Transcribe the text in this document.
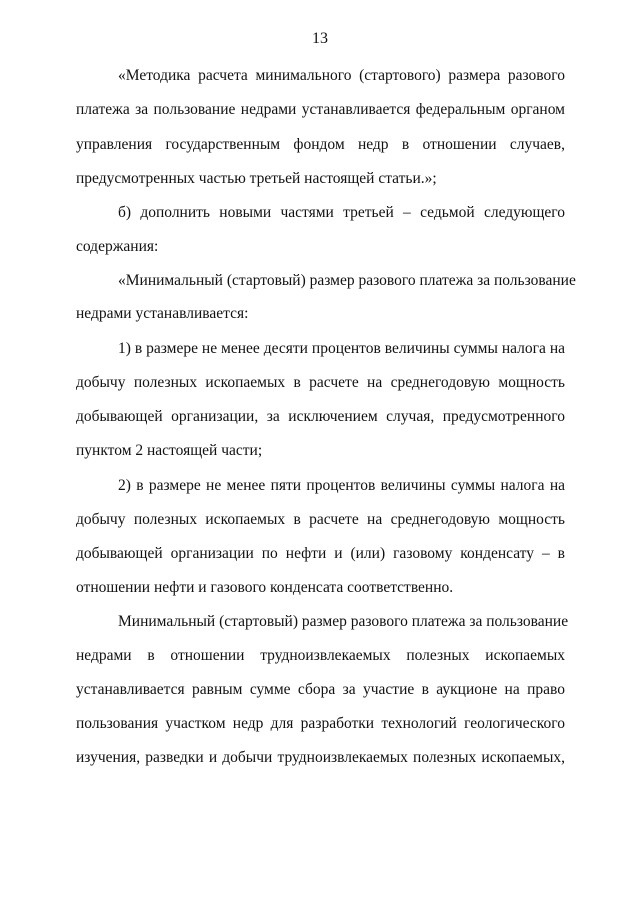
13
«Методика расчета минимального (стартового) размера разового
платежа за пользование недрами устанавливается федеральным органом
управления государственным фондом недр в отношении случаев,
предусмотренных частью третьей настоящей статьи.»;
б) дополнить новыми частями третьей – седьмой следующего
содержания:
«Минимальный (стартовый) размер разового платежа за пользование
недрами устанавливается:
1) в размере не менее десяти процентов величины суммы налога на
добычу полезных ископаемых в расчете на среднегодовую мощность
добывающей организации, за исключением случая, предусмотренного
пунктом 2 настоящей части;
2) в размере не менее пяти процентов величины суммы налога на
добычу полезных ископаемых в расчете на среднегодовую мощность
добывающей организации по нефти и (или) газовому конденсату – в
отношении нефти и газового конденсата соответственно.
Минимальный (стартовый) размер разового платежа за пользование
недрами в отношении трудноизвлекаемых полезных ископаемых
устанавливается равным сумме сбора за участие в аукционе на право
пользования участком недр для разработки технологий геологического
изучения, разведки и добычи трудноизвлекаемых полезных ископаемых,
